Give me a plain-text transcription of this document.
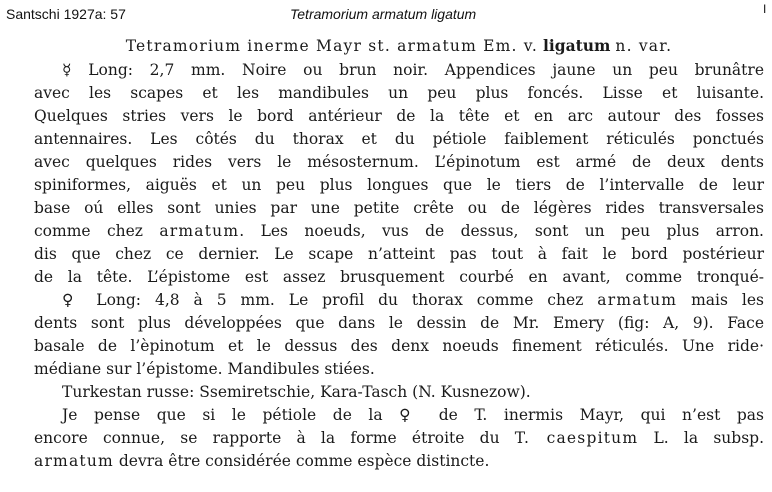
Santschi 1927a: 57	Tetramorium armatum ligatum	I
Tetramorium inerme Mayr st. armatum Em. v. ligatum n. var.
☿ Long: 2,7 mm. Noire ou brun noir. Appendices jaune un peu brunâtre
avec les scapes et les mandibules un peu plus foncés. Lisse et luisante.
Quelques stries vers le bord antérieur de la tête et en arc autour des fosses
antennaires. Les côtés du thorax et du pétiole faiblement réticulés ponctués
avec quelques rides vers le mésosternum. L’épinotum est armé de deux dents
spiniformes, aiguës et un peu plus longues que le tiers de l’intervalle de leur
base oú elles sont unies par une petite crête ou de légères rides transversales
comme chez armatum. Les noeuds, vus de dessus, sont un peu plus arron.
dis que chez ce dernier. Le scape n’atteint pas tout à fait le bord postérieur
de la tête. L’épistome est assez brusquement courbé en avant, comme tronqué-
♀ Long: 4,8 à 5 mm. Le profil du thorax comme chez armatum mais les
dents sont plus développées que dans le dessin de Mr. Emery (fig: A, 9). Face
basale de l’èpinotum et le dessus des denx noeuds finement réticulés. Une ride·
médiane sur l’épistome. Mandibules stiées.
Turkestan russe: Ssemiretschie, Kara-Tasch (N. Kusnezow).
Je pense que si le pétiole de la ♀ de T. inermis Mayr, qui n’est pas
encore connue, se rapporte à la forme étroite du T. caespitum L. la subsp.
armatum devra être considérée comme espèce distincte.
